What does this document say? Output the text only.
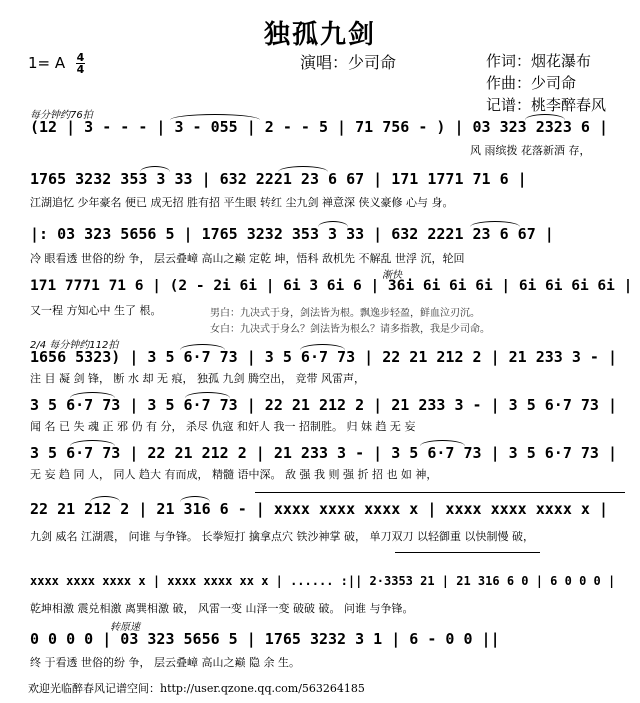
独孤九剑
1= A $\frac{4}{4}$	演唱：少司命	作词：烟花瀑布
作曲：少司命
记谱：桃李醉春风
每分钟约76拍
(12 | 3 - - - | 3 - 055 | 2 - - 5 | 71 756 - ) | 03 323 2323 6 |
风 雨缤拨 花落新酒 存，
1765 3232 353 3 33 | 632 2221 23 6 67 | 171 1771 71 6 |
江湖追忆 少年豪名 便已 成无招 胜有招 平生眼 转红 尘九剑 禅意深 侠义豪修 心与 身。
|: 03 323 5656 5 | 1765 3232 353 3 33 | 632 2221 23 6 67 |
冷 眼看透 世俗的纷 争， 层云叠嶂 高山之巅 定乾 坤，悟科 敌机先 不解乱 世浮 沉，轮回
渐快
171 7771 71 6 | (2 - 2i 6i | 6i 3 6i 6 | 36i 6i 6i 6i | 6i 6i 6i 6i |
又一程 方知心中 生了 根。	男白：九决式于身，剑法皆为根。飘逸步轻盈，鲜血泣刃沉。
女白：九决式于身么？剑法皆为根么？请多指教，我是少司命。
2/4 每分钟约112拍
1656 5323) | 3 5 6·7 73 | 3 5 6·7 73 | 22 21 212 2 | 21 233 3 - |
注 目 凝 剑 锋， 断 水 却 无 痕， 独孤 九剑 腾空出， 竞带 风雷声，
3 5 6·7 73 | 3 5 6·7 73 | 22 21 212 2 | 21 233 3 - | 3 5 6·7 73 |
闻 名 已 失 魂 正 邪 仍 有 分， 杀尽 仇寇 和奸人 我一 招制胜。 归 妹 趋 无 妄
3 5 6·7 73 | 22 21 212 2 | 21 233 3 - | 3 5 6·7 73 | 3 5 6·7 73 |
无 妄 趋 同 人， 同人 趋大 有而成， 精髓 语中深。 敌 强 我 则 强 折 招 也 如 神，
22 21 212 2 | 21 316 6 - | xxxx xxxx xxxx x | xxxx xxxx xxxx x |
九剑 威名 江湖震， 问谁 与争锋。 长拳短打 擒拿点穴 铁沙神掌 破， 单刀双刀 以轻御重 以快制慢 破，
xxxx xxxx xxxx x | xxxx xxxx xx x | ...... :|| 2·3353 21 | 21 316 6 0 | 6 0 0 0 |
乾坤相激 震兑相激 离巽相激 破， 风雷一变 山泽一变 破破 破。 问谁 与争锋。
转原速
0 0 0 0 | 03 323 5656 5 | 1765 3232 3 1 | 6 - 0 0 ||
终 于看透 世俗的纷 争， 层云叠嶂 高山之巅 隐 余 生。
欢迎光临醉春风记谱空间：http://user.qzone.qq.com/563264185
